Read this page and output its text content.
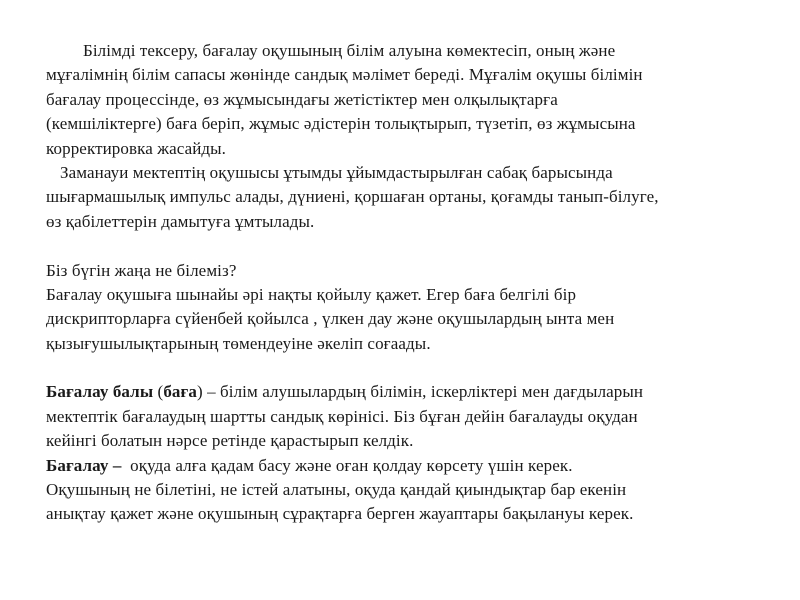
Білімді тексеру, бағалау оқушының білім алуына көмектесіп, оның және
мұғалімнің білім сапасы жөнінде сандық мәлімет береді. Мұғалім оқушы білімін
бағалау процессінде, өз жұмысындағы жетістіктер мен олқылықтарға
(кемшіліктерге) баға беріп, жұмыс әдістерін толықтырып, түзетіп, өз жұмысына
корректировка жасайды.
Заманауи мектептің оқушысы ұтымды ұйымдастырылған сабақ барысында
шығармашылық импульс алады, дүниені, қоршаған ортаны, қоғамды танып-білуге,
өз қабілеттерін дамытуға ұмтылады.
Біз бүгін жаңа не білеміз?
Бағалау оқушыға шынайы әрі нақты қойылу қажет. Егер баға белгілі бір
дискрипторларға сүйенбей қойылса , үлкен дау және оқушылардың ынта мен
қызығушылықтарының төмендеуіне әкеліп соғаады.
Бағалау балы (баға) – білім алушылардың білімін, іскерліктері мен дағдыларын
мектептік бағалаудың шартты сандық көрінісі. Біз бұған дейін бағалауды оқудан
кейінгі болатын нәрсе ретінде қарастырып келдік.
Бағалау –  оқуда алға қадам басу және оған қолдау көрсету үшін керек.
Оқушының не білетіні, не істей алатыны, оқуда қандай қиындықтар бар екенін
анықтау қажет және оқушының сұрақтарға берген жауаптары бақылануы керек.
